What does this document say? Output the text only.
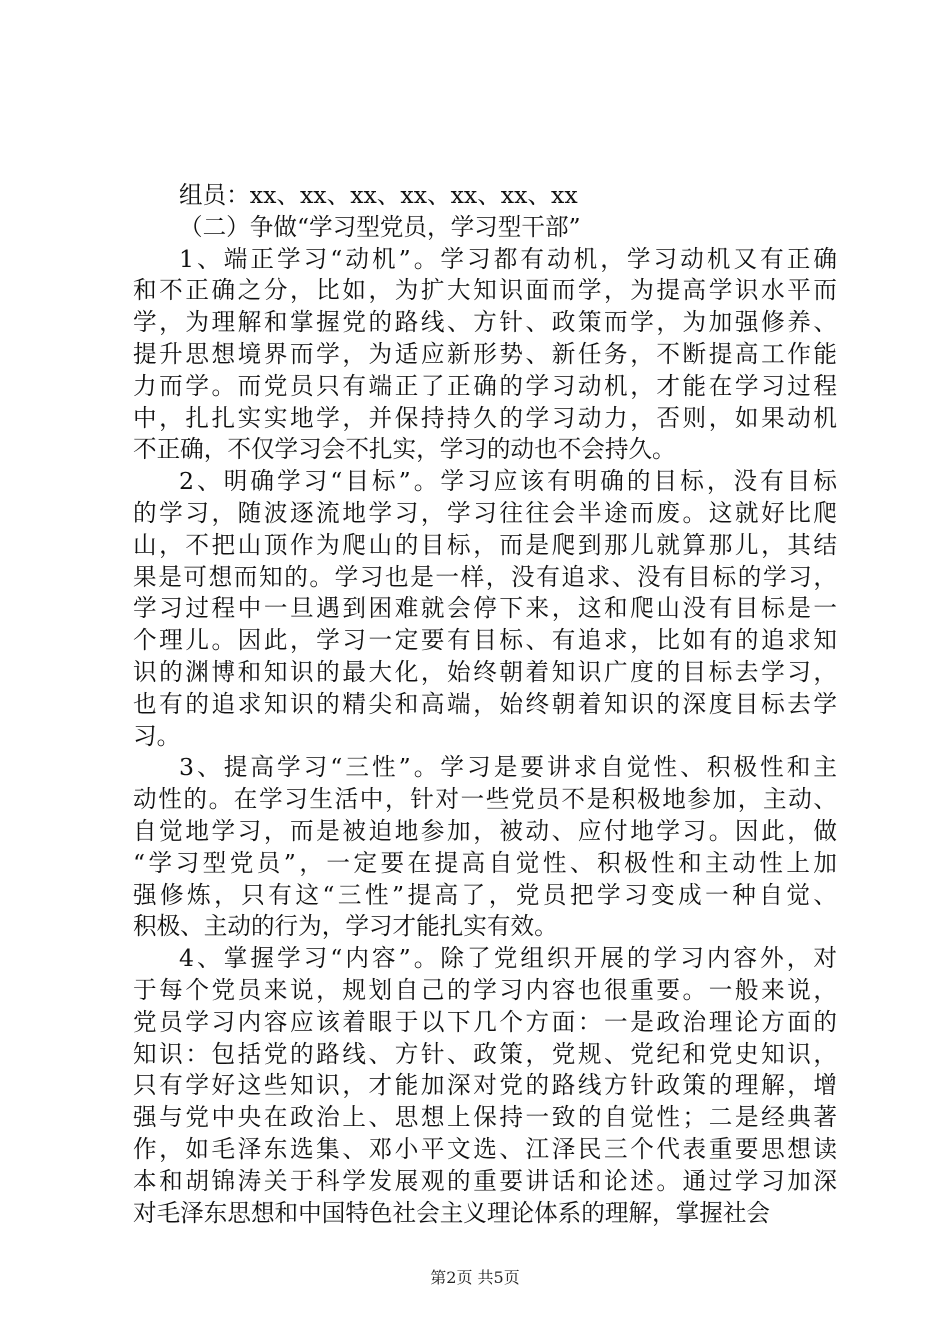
组员：xx、xx、xx、xx、xx、xx、xx
（二）争做“学习型党员，学习型干部”
1、端正学习“动机”。学习都有动机，学习动机又有正确
和不正确之分，比如，为扩大知识面而学，为提高学识水平而
学，为理解和掌握党的路线、方针、政策而学，为加强修养、
提升思想境界而学，为适应新形势、新任务，不断提高工作能
力而学。而党员只有端正了正确的学习动机，才能在学习过程
中，扎扎实实地学，并保持持久的学习动力，否则，如果动机
不正确，不仅学习会不扎实，学习的动也不会持久。
2、明确学习“目标”。学习应该有明确的目标，没有目标
的学习，随波逐流地学习，学习往往会半途而废。这就好比爬
山，不把山顶作为爬山的目标，而是爬到那儿就算那儿，其结
果是可想而知的。学习也是一样，没有追求、没有目标的学习，
学习过程中一旦遇到困难就会停下来，这和爬山没有目标是一
个理儿。因此，学习一定要有目标、有追求，比如有的追求知
识的渊博和知识的最大化，始终朝着知识广度的目标去学习，
也有的追求知识的精尖和高端，始终朝着知识的深度目标去学
习。
3、提高学习“三性”。学习是要讲求自觉性、积极性和主
动性的。在学习生活中，针对一些党员不是积极地参加，主动、
自觉地学习，而是被迫地参加，被动、应付地学习。因此，做
“学习型党员”，一定要在提高自觉性、积极性和主动性上加
强修炼，只有这“三性”提高了，党员把学习变成一种自觉、
积极、主动的行为，学习才能扎实有效。
4、掌握学习“内容”。除了党组织开展的学习内容外，对
于每个党员来说，规划自己的学习内容也很重要。一般来说，
党员学习内容应该着眼于以下几个方面：一是政治理论方面的
知识：包括党的路线、方针、政策，党规、党纪和党史知识，
只有学好这些知识，才能加深对党的路线方针政策的理解，增
强与党中央在政治上、思想上保持一致的自觉性；二是经典著
作，如毛泽东选集、邓小平文选、江泽民三个代表重要思想读
本和胡锦涛关于科学发展观的重要讲话和论述。通过学习加深
对毛泽东思想和中国特色社会主义理论体系的理解，掌握社会
第2页 共5页
